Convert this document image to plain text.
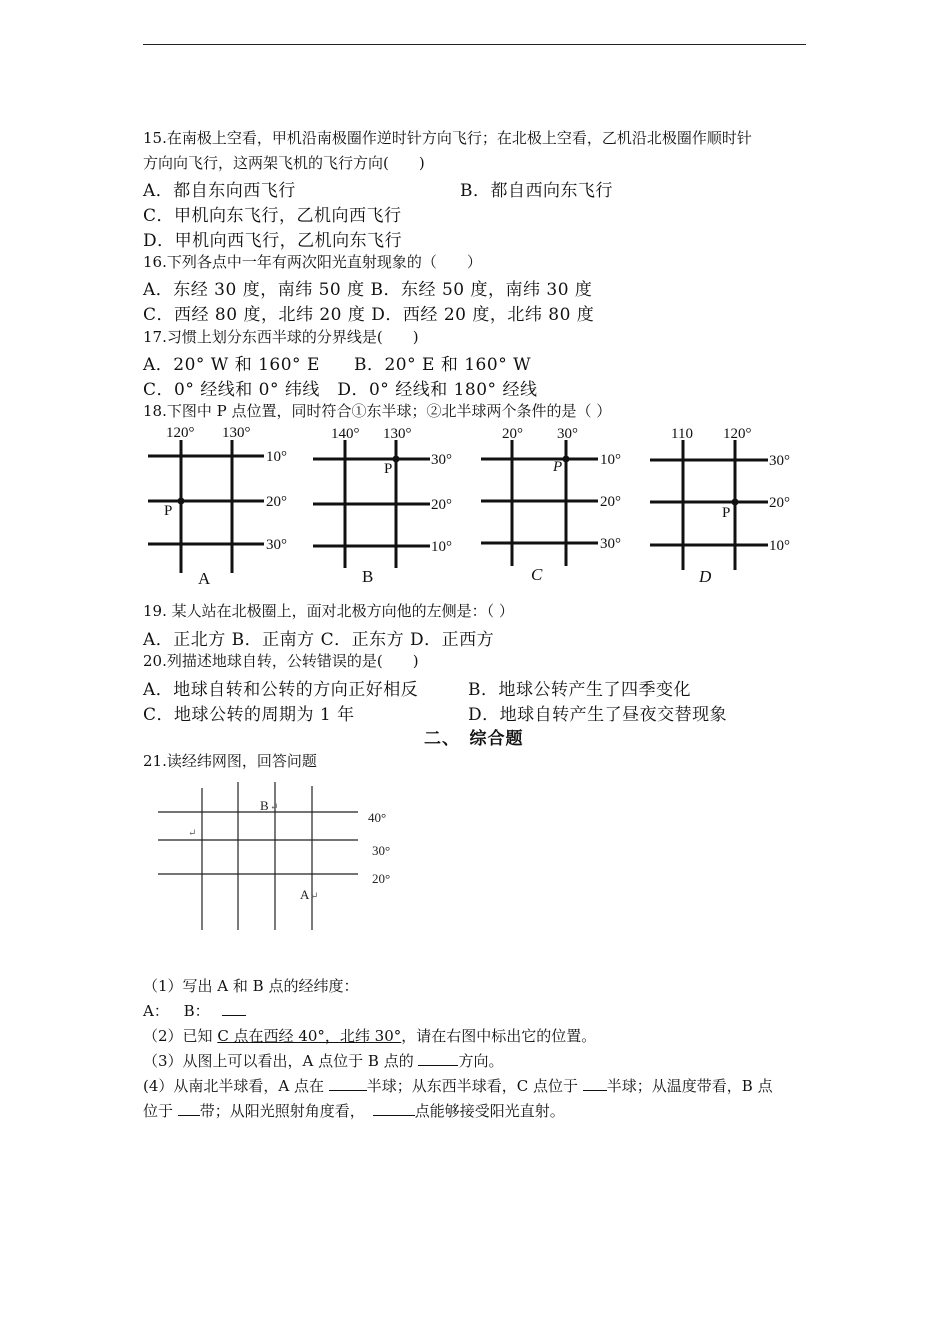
15.在南极上空看，甲机沿南极圈作逆时针方向飞行；在北极上空看，乙机沿北极圈作顺时针
方向向飞行，这两架飞机的飞行方向(　　)
A．都自东向西飞行	B．都自西向东飞行
C．甲机向东飞行，乙机向西飞行
D．甲机向西飞行，乙机向东飞行
16.下列各点中一年有两次阳光直射现象的（　　）
A．东经 30 度，南纬 50 度 B．东经 50 度，南纬 30 度
C．西经 80 度，北纬 20 度 D．西经 20 度，北纬 80 度
17.习惯上划分东西半球的分界线是(　　)
A．20° W 和 160° E B．20° E 和 160° W
C．0° 经线和 0° 纬线　D．0° 经线和 180° 经线
18.下图中 P 点位置，同时符合①东半球；②北半球两个条件的是（ ）
120° 130°
10°
20°
30°
P
A
140° 130°
30°
20°
10°
P
B
20° 30°
10°
20°
30°
P
C
110 120°
30°
20°
10°
P
D
19. 某人站在北极圈上，面对北极方向他的左侧是：（ ）
A．正北方 B．正南方 C．正东方 D．正西方
20.列描述地球自转，公转错误的是(　　)
A．地球自转和公转的方向正好相反	B．地球公转产生了四季变化
C．地球公转的周期为 1 年	D．地球自转产生了昼夜交替现象
二、　综合题
21.读经纬网图，回答问题
B ↵
↵
A ↵
40°
30°
20°
（1）写出 A 和 B 点的经纬度：
A： B：
（2）已知 C 点在西经 40°，北纬 30°，请在右图中标出它的位置。
（3）从图上可以看出，A 点位于 B 点的	方向。
(4）从南北半球看，A 点在	半球；从东西半球看，C 点位于 半球；从温度带看，B 点
位于 带；从阳光照射角度看，	点能够接受阳光直射。
